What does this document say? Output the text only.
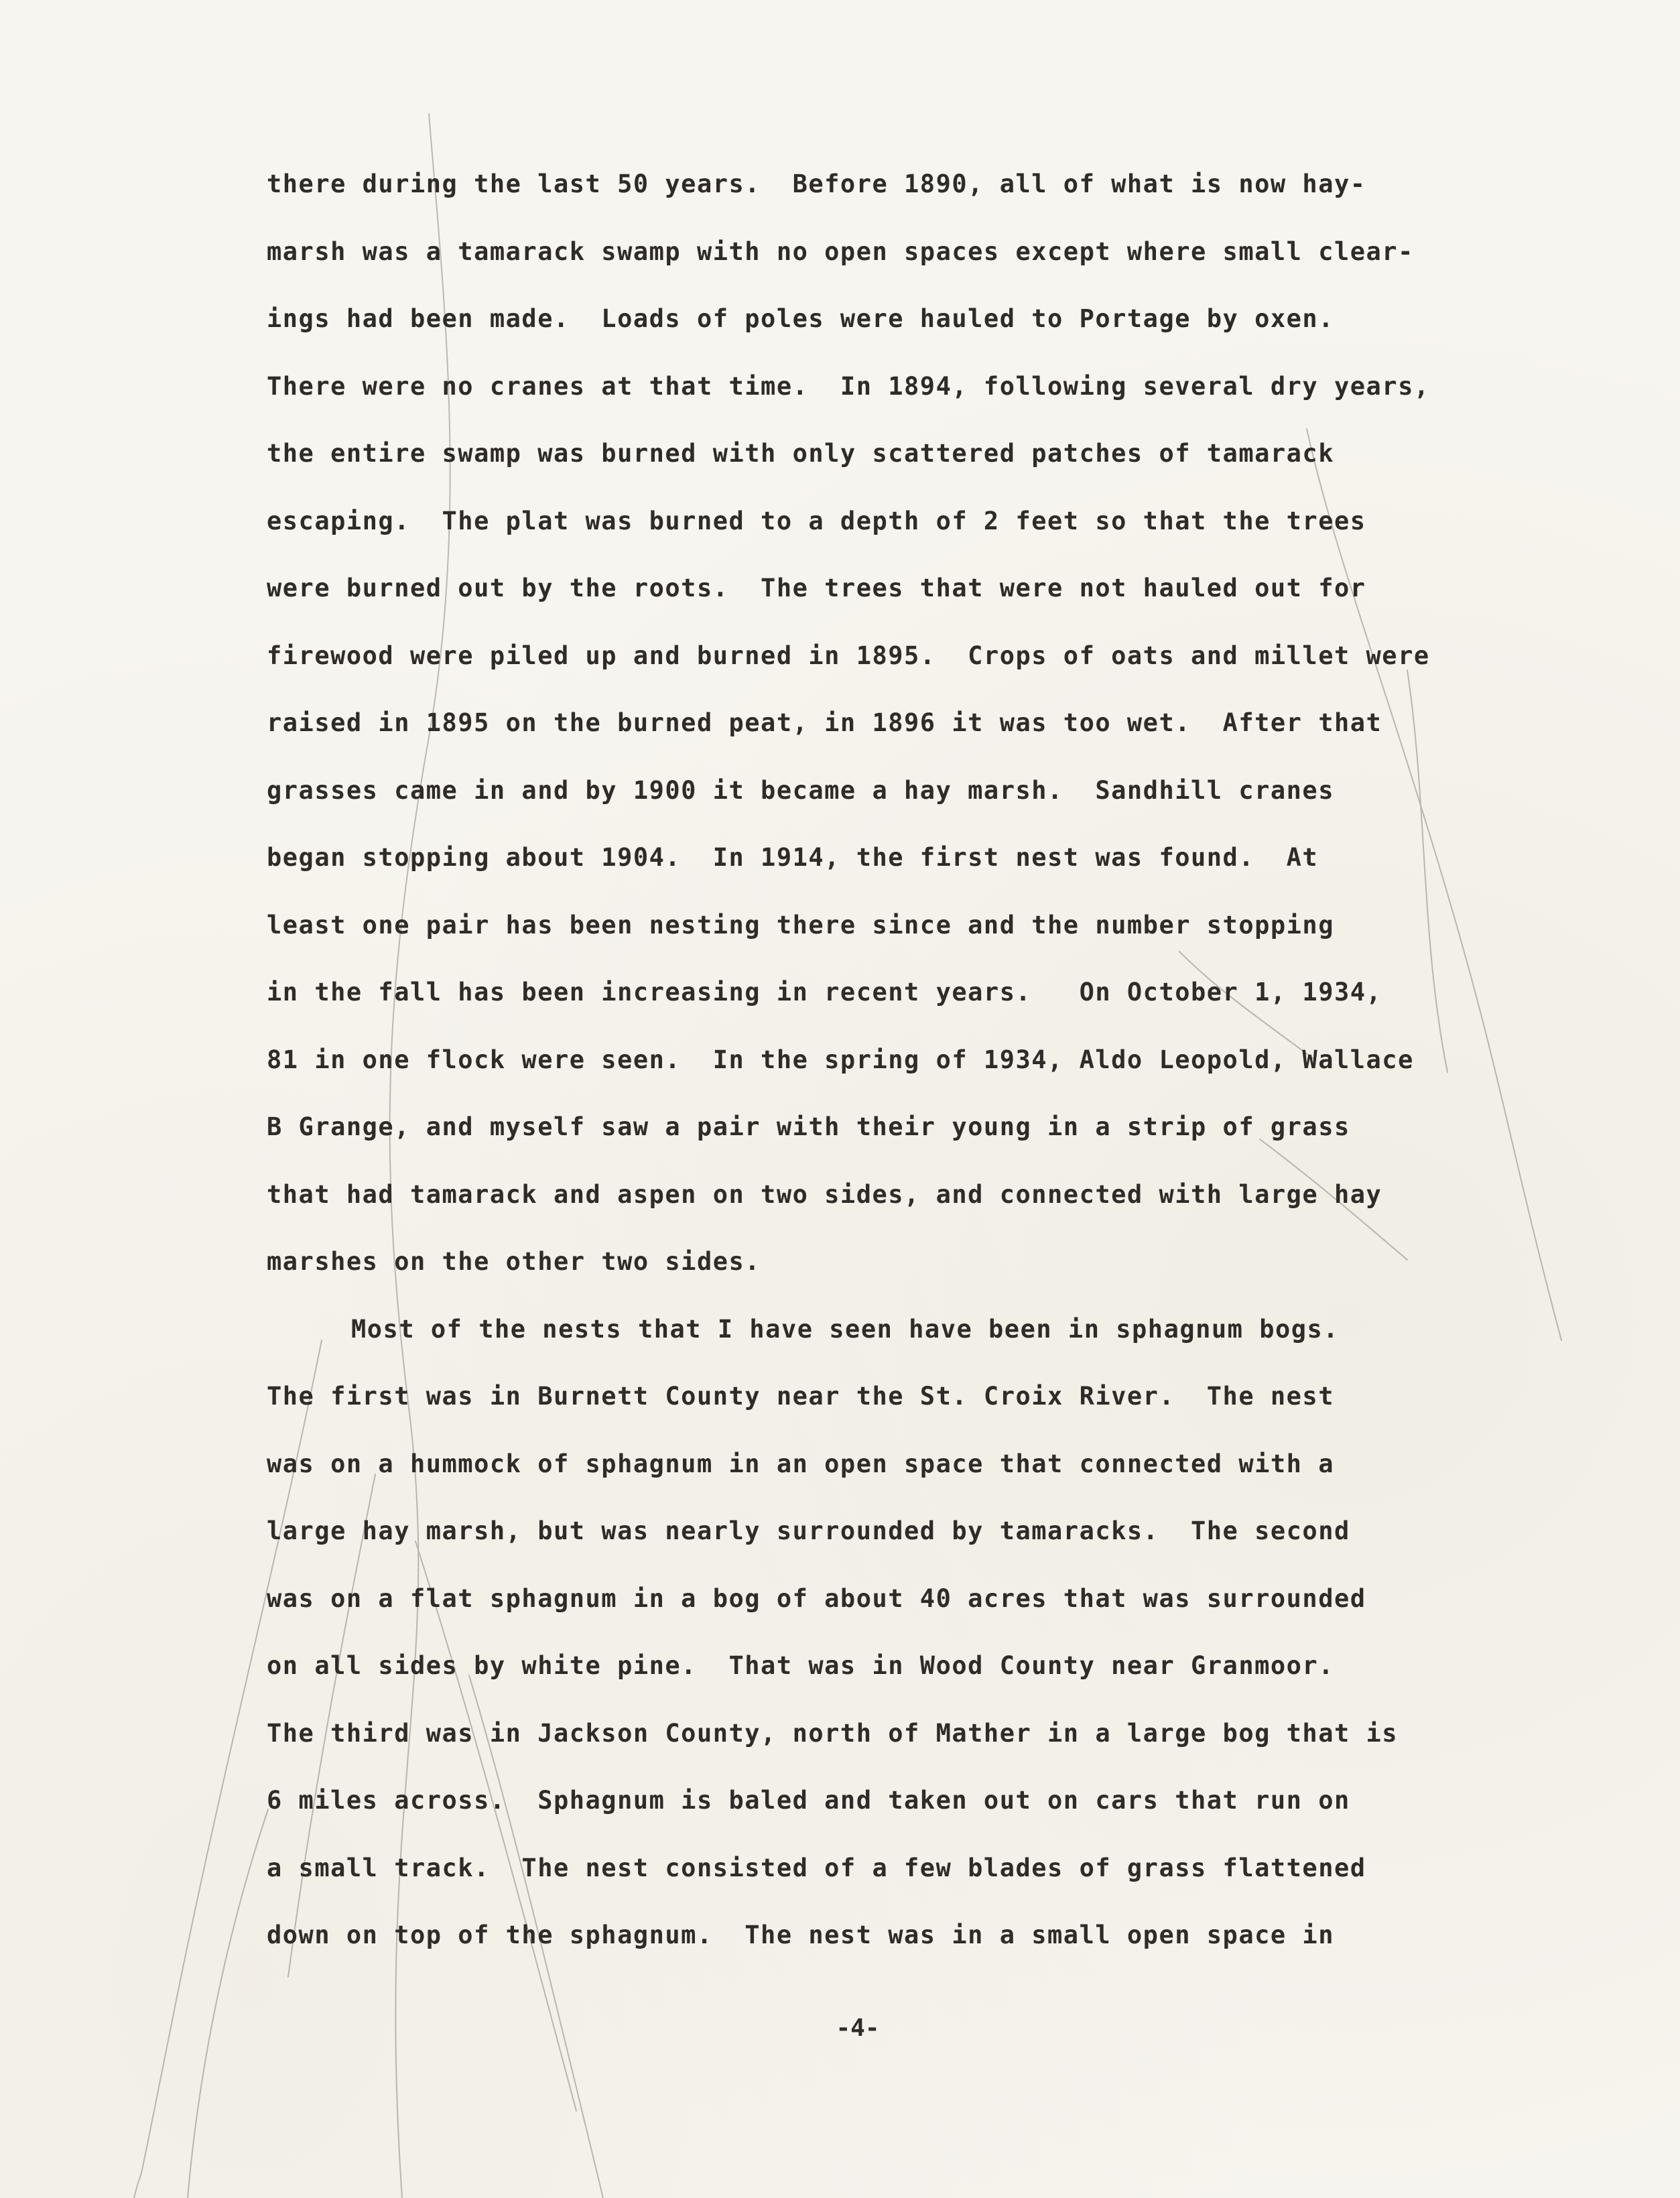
there during the last 50 years.  Before 1890, all of what is now hay-
marsh was a tamarack swamp with no open spaces except where small clear-
ings had been made.  Loads of poles were hauled to Portage by oxen.
There were no cranes at that time.  In 1894, following several dry years,
the entire swamp was burned with only scattered patches of tamarack
escaping.  The plat was burned to a depth of 2 feet so that the trees
were burned out by the roots.  The trees that were not hauled out for
firewood were piled up and burned in 1895.  Crops of oats and millet were
raised in 1895 on the burned peat, in 1896 it was too wet.  After that
grasses came in and by 1900 it became a hay marsh.  Sandhill cranes
began stopping about 1904.  In 1914, the first nest was found.  At
least one pair has been nesting there since and the number stopping
in the fall has been increasing in recent years.   On October 1, 1934,
81 in one flock were seen.  In the spring of 1934, Aldo Leopold, Wallace
B Grange, and myself saw a pair with their young in a strip of grass
that had tamarack and aspen on two sides, and connected with large hay
marshes on the other two sides.
Most of the nests that I have seen have been in sphagnum bogs.
The first was in Burnett County near the St. Croix River.  The nest
was on a hummock of sphagnum in an open space that connected with a
large hay marsh, but was nearly surrounded by tamaracks.  The second
was on a flat sphagnum in a bog of about 40 acres that was surrounded
on all sides by white pine.  That was in Wood County near Granmoor.
The third was in Jackson County, north of Mather in a large bog that is
6 miles across.  Sphagnum is baled and taken out on cars that run on
a small track.  The nest consisted of a few blades of grass flattened
down on top of the sphagnum.  The nest was in a small open space in
-4-
